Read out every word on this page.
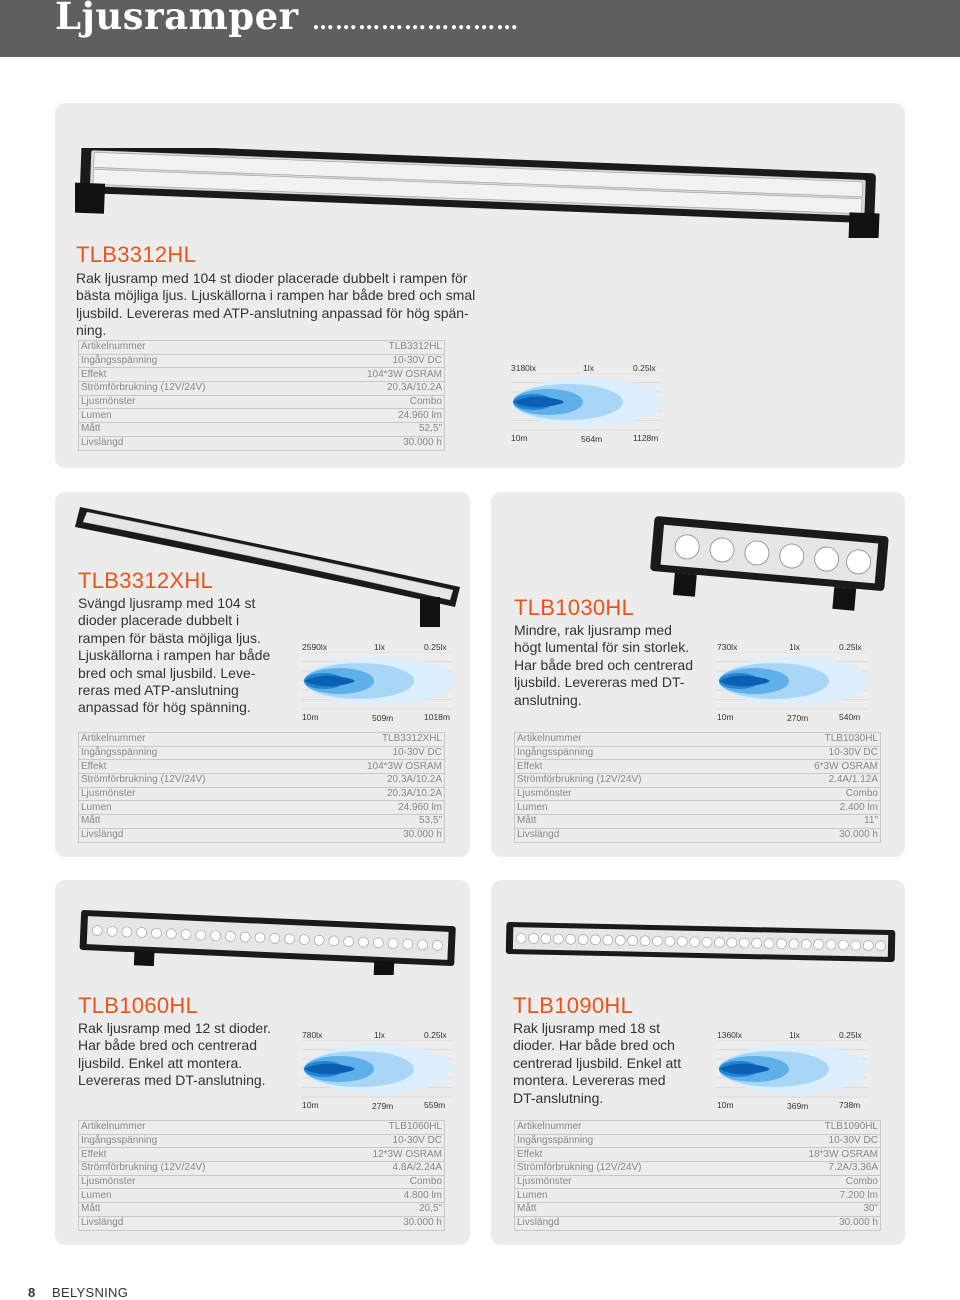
Ljusramper ………………………
TLB3312HL
Rak ljusramp med 104 st dioder placerade dubbelt i rampen för
bästa möjliga ljus. Ljuskällorna i rampen har både bred och smal
ljusbild. Levereras med ATP-anslutning anpassad för hög spän-
ning.
Artikelnummer	TLB3312HL
Ingångsspänning	10-30V DC
Effekt	104*3W OSRAM
Strömförbrukning (12V/24V)	20.3A/10.2A
Ljusmönster	Combo
Lumen	24.960 lm
Mått	52,5"
Livslängd	30.000 h
3180lx	1lx	0.25lx
10m	564m	1128m
TLB3312XHL
Svängd ljusramp med 104 st
dioder placerade dubbelt i
rampen för bästa möjliga ljus.
Ljuskällorna i rampen har både
bred och smal ljusbild. Leve-
reras med ATP-anslutning
anpassad för hög spänning.
2590lx	1lx	0.25lx
10m	509m	1018m
Artikelnummer	TLB3312XHL
Ingångsspänning	10-30V DC
Effekt	104*3W OSRAM
Strömförbrukning (12V/24V)	20.3A/10.2A
Ljusmönster	20.3A/10.2A
Lumen	24.960 lm
Mått	53,5"
Livslängd	30.000 h
TLB1030HL
Mindre, rak ljusramp med
högt lumental för sin storlek.
Har både bred och centrerad
ljusbild. Levereras med DT-
anslutning.
730lx	1lx	0.25lx
10m	270m	540m
Artikelnummer	TLB1030HL
Ingångsspänning	10-30V DC
Effekt	6*3W OSRAM
Strömförbrukning (12V/24V)	2.4A/1.12A
Ljusmönster	Combo
Lumen	2.400 lm
Mått	11"
Livslängd	30.000 h
TLB1060HL
Rak ljusramp med 12 st dioder.
Har både bred och centrerad
ljusbild. Enkel att montera.
Levereras med DT-anslutning.
780lx	1lx	0.25lx
10m	279m	559m
Artikelnummer	TLB1060HL
Ingångsspänning	10-30V DC
Effekt	12*3W OSRAM
Strömförbrukning (12V/24V)	4.8A/2.24A
Ljusmönster	Combo
Lumen	4.800 lm
Mått	20,5"
Livslängd	30.000 h
TLB1090HL
Rak ljusramp med 18 st
dioder. Har både bred och
centrerad ljusbild. Enkel att
montera. Levereras med
DT-anslutning.
1360lx	1lx	0.25lx
10m	369m	738m
Artikelnummer	TLB1090HL
Ingångsspänning	10-30V DC
Effekt	18*3W OSRAM
Strömförbrukning (12V/24V)	7.2A/3.36A
Ljusmönster	Combo
Lumen	7.200 lm
Mått	30"
Livslängd	30.000 h
8 BELYSNING
